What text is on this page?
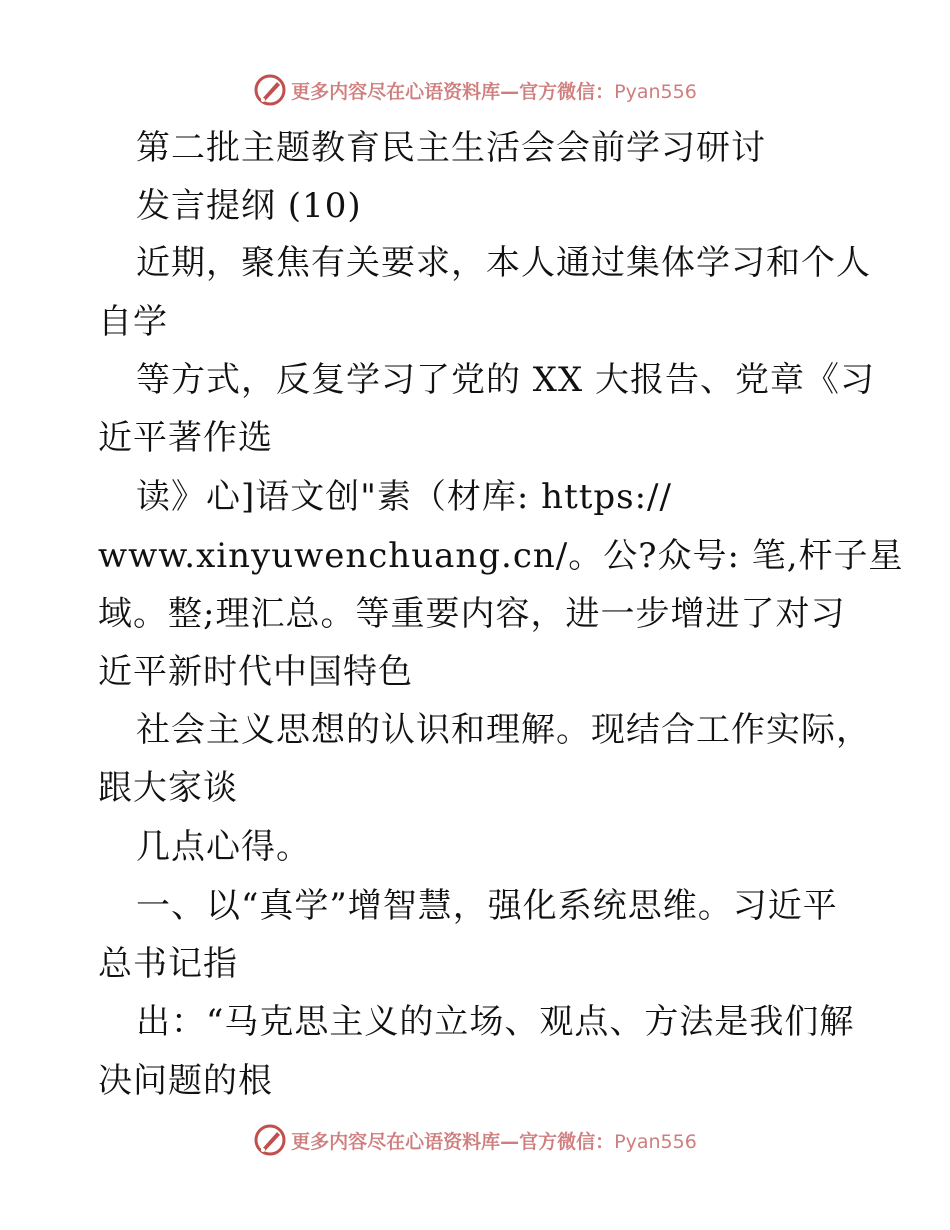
更多内容尽在心语资料库—官方微信：Pyan556
第二批主题教育民主生活会会前学习研讨
发言提纲 (10)
近期，聚焦有关要求，本人通过集体学习和个人
自学
等方式，反复学习了党的 XX 大报告、党章《习
近平著作选
读》心]语文创"素（材库: https://
www.xinyuwenchuang.cn/。公?众号: 笔,杆子星
域。整;理汇总。等重要内容，进一步增进了对习
近平新时代中国特色
社会主义思想的认识和理解。现结合工作实际，
跟大家谈
几点心得。
一、以“真学”增智慧，强化系统思维。习近平
总书记指
出：“马克思主义的立场、观点、方法是我们解
决问题的根
更多内容尽在心语资料库—官方微信：Pyan556
